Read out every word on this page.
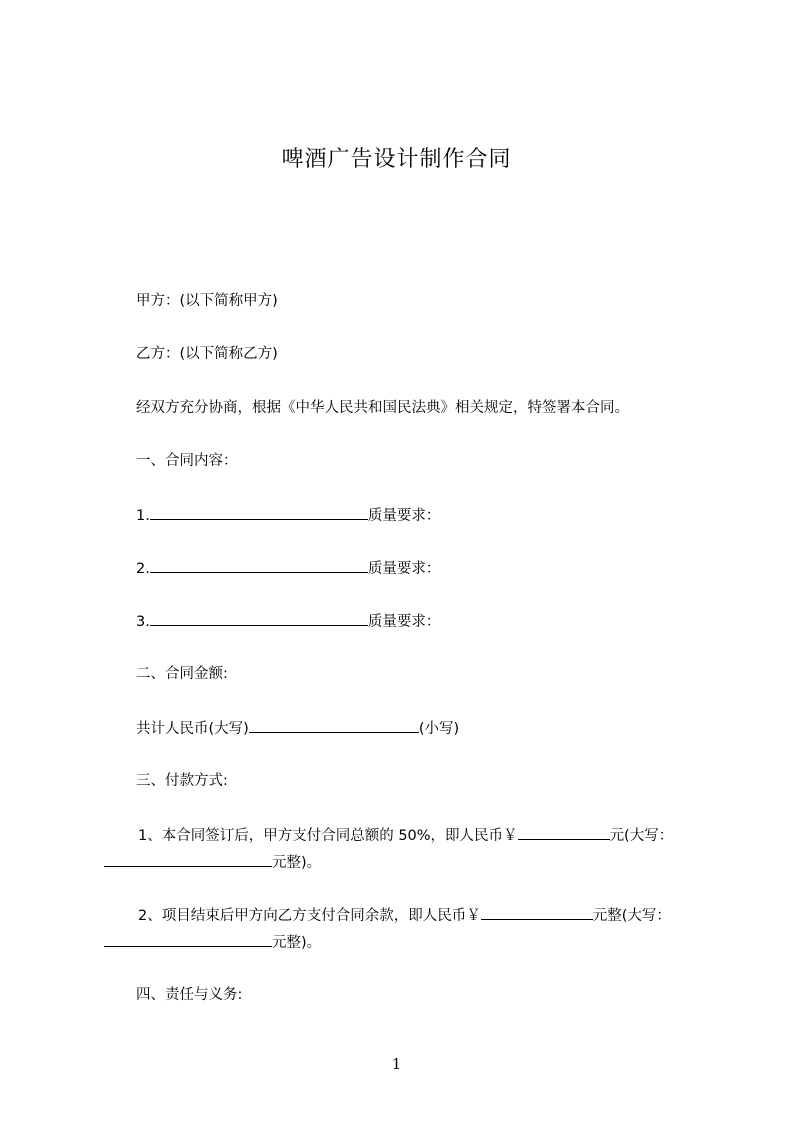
啤酒广告设计制作合同
甲方：(以下简称甲方)
乙方：(以下简称乙方)
经双方充分协商，根据《中华人民共和国民法典》相关规定，特签署本合同。
一、合同内容：
1.	质量要求：
2.	质量要求：
3.	质量要求：
二、合同金额:
共计人民币(大写)	(小写)
三、付款方式:
1、本合同签订后，甲方支付合同总额的 50%，即人民币￥	元(大写：
元整)。
2、项目结束后甲方向乙方支付合同余款，即人民币￥	元整(大写：
元整)。
四、责任与义务:
1
